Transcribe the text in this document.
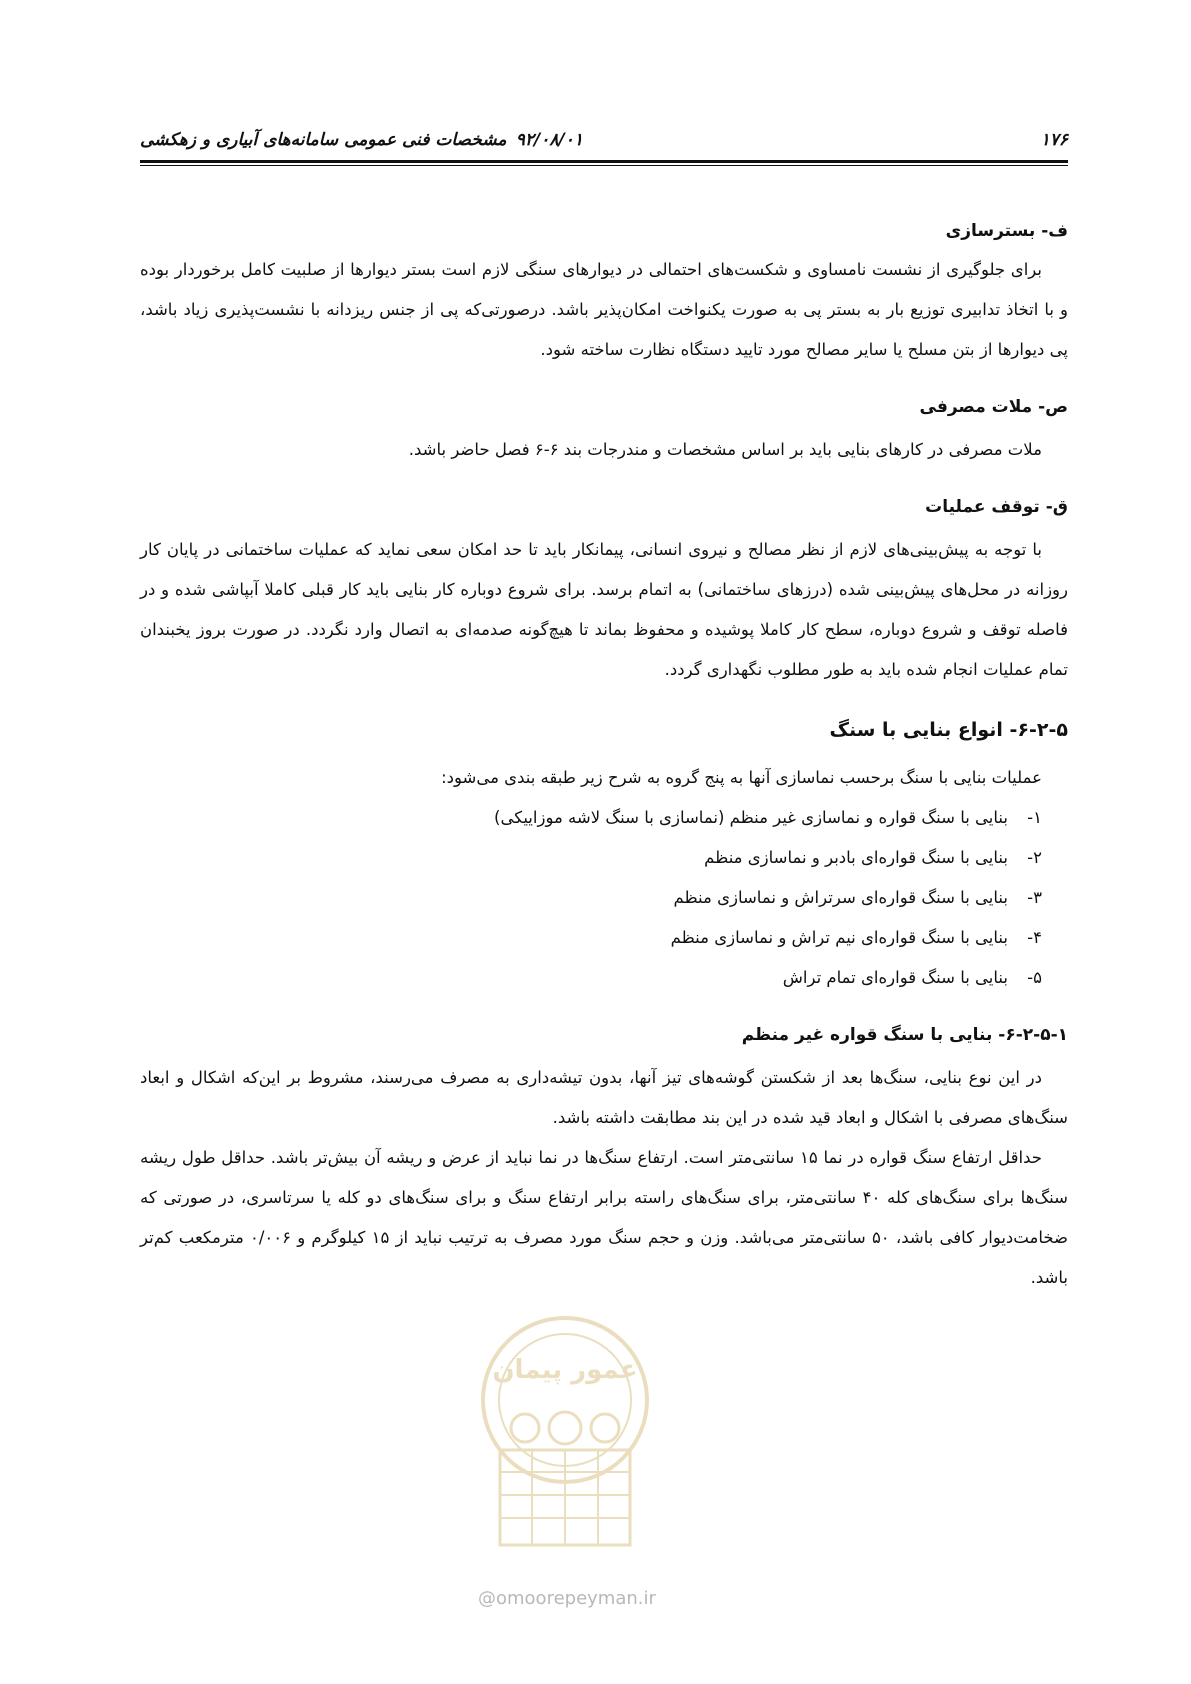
۱۷۶
۹۲/۰۸/۰۱
مشخصات فنی عمومی سامانه‌های آبیاری و زهکشی
ف- بسترسازی

برای جلوگیری از نشست نامساوی و شکست‌های احتمالی در دیوارهای سنگی لازم است بستر دیوارها از صلبیت کامل برخوردار بوده و با اتخاذ تدابیری توزیع بار به بستر پی به صورت یکنواخت امکان‌پذیر باشد. درصورتی‌که پی از جنس ریزدانه با نشست‌پذیری زیاد باشد، پی دیوارها از بتن مسلح یا سایر مصالح مورد تایید دستگاه نظارت ساخته شود.

ص- ملات مصرفی

ملات مصرفی در کارهای بنایی باید بر اساس مشخصات و مندرجات بند ۶-۶ فصل حاضر باشد.

ق- توقف عملیات

با توجه به پیش‌بینی‌های لازم از نظر مصالح و نیروی انسانی، پیمانکار باید تا حد امکان سعی نماید که عملیات ساختمانی در پایان کار روزانه در محل‌های پیش‌بینی شده (درزهای ساختمانی) به اتمام برسد. برای شروع دوباره کار بنایی باید کار قبلی کاملا آبپاشی شده و در فاصله توقف و شروع دوباره، سطح کار کاملا پوشیده و محفوظ بماند تا هیچ‌گونه صدمه‌ای به اتصال وارد نگردد. در صورت بروز یخبندان تمام عملیات انجام شده باید به طور مطلوب نگهداری گردد.

۶-۲-۵- انواع بنایی با سنگ

عملیات بنایی با سنگ برحسب نماسازی آنها به پنج گروه به شرح زیر طبقه بندی می‌شود:

۱-
بنایی با سنگ قواره و نماسازی غیر منظم (نماسازی با سنگ لاشه موزاییکی)
۲-
بنایی با سنگ قواره‌ای بادبر و نماسازی منظم
۳-
بنایی با سنگ قواره‌ای سرتراش و نماسازی منظم
۴-
بنایی با سنگ قواره‌ای نیم تراش و نماسازی منظم
۵-
بنایی با سنگ قواره‌ای تمام تراش
۶-۲-۵-۱- بنایی با سنگ قواره غیر منظم

در این نوع بنایی، سنگ‌ها بعد از شکستن گوشه‌های تیز آنها، بدون تیشه‌داری به مصرف می‌رسند، مشروط بر این‌که اشکال و ابعاد سنگ‌های مصرفی با اشکال و ابعاد قید شده در این بند مطابقت داشته باشد.

حداقل ارتفاع سنگ قواره در نما ۱۵ سانتی‌متر است. ارتفاع سنگ‌ها در نما نباید از عرض و ریشه آن بیش‌تر باشد. حداقل طول ریشه سنگ‌ها برای سنگ‌های کله ۴۰ سانتی‌متر، برای سنگ‌های راسته برابر ارتفاع سنگ و برای سنگ‌های دو کله یا سرتاسری، در صورتی که ضخامت‌دیوار کافی باشد، ۵۰ سانتی‌متر می‌باشد. وزن و حجم سنگ مورد مصرف به ترتیب نباید از ۱۵ کیلوگرم و ۰/۰۰۶ مترمکعب کم‌تر باشد.

عمور پیمان
@omoorepeyman.ir
